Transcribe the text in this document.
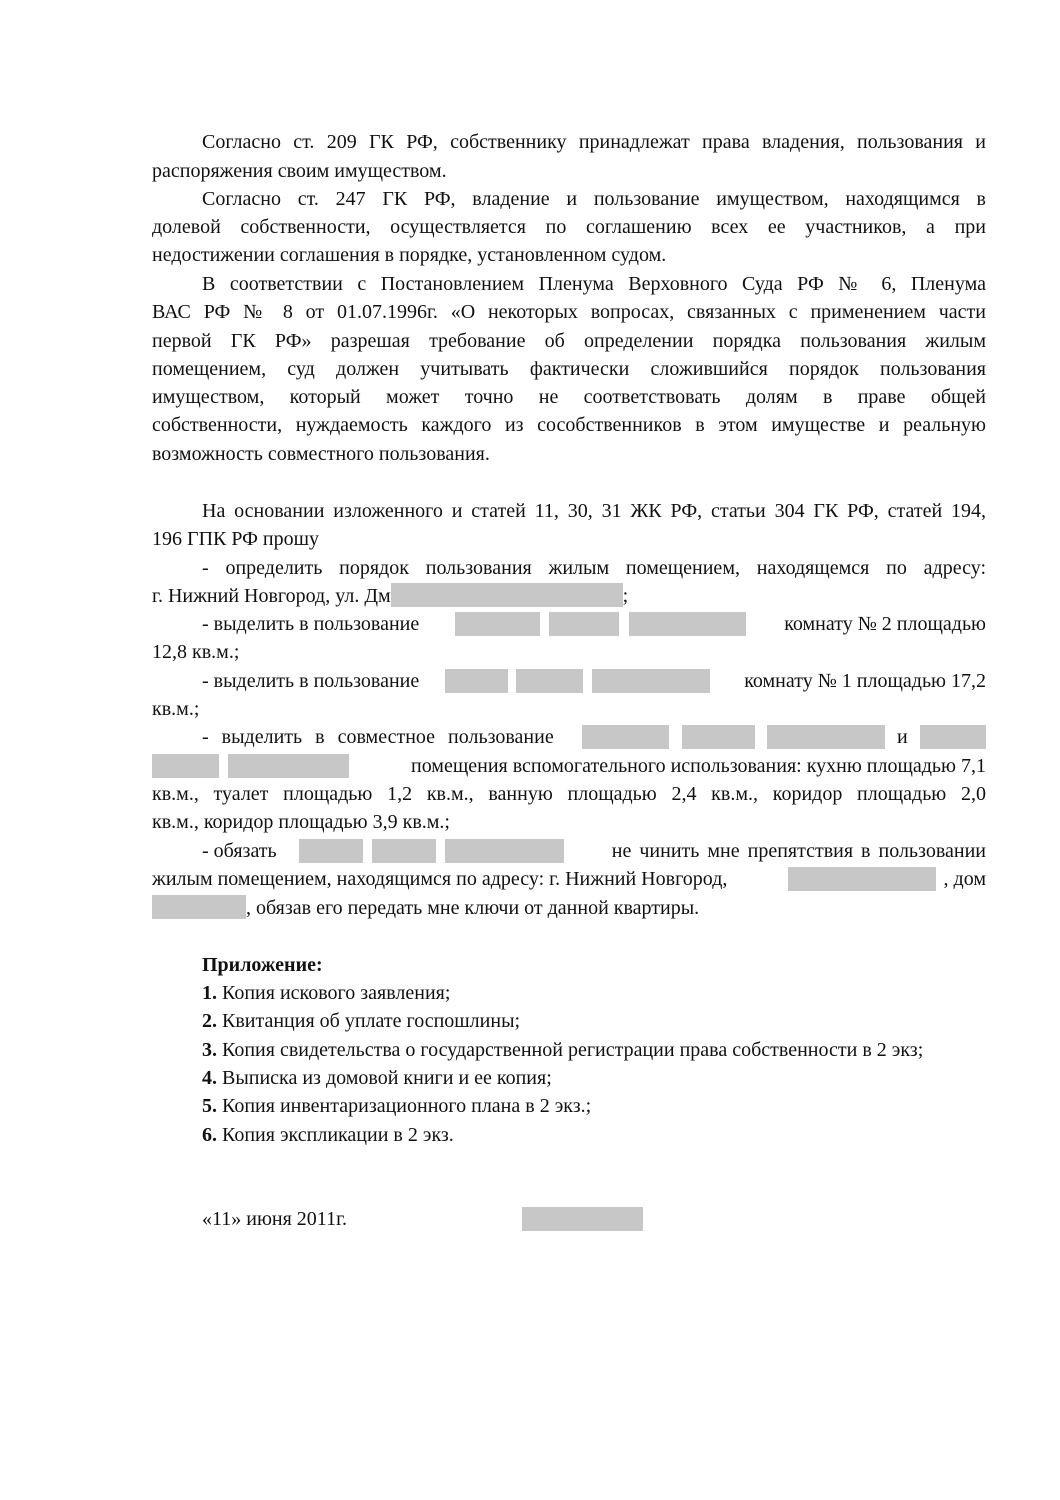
Согласно ст. 209 ГК РФ, собственнику принадлежат права владения, пользования и
распоряжения своим имуществом.
Согласно ст. 247 ГК РФ, владение и пользование имуществом, находящимся в
долевой собственности, осуществляется по соглашению всех ее участников, а при
недостижении соглашения в порядке, установленном судом.
В соответствии с Постановлением Пленума Верховного Суда РФ № 6, Пленума
ВАС РФ № 8 от 01.07.1996г. «О некоторых вопросах, связанных с применением части
первой ГК РФ» разрешая требование об определении порядка пользования жилым
помещением, суд должен учитывать фактически сложившийся порядок пользования
имуществом, который может точно не соответствовать долям в праве общей
собственности, нуждаемость каждого из сособственников в этом имуществе и реальную
возможность совместного пользования.
На основании изложенного и статей 11, 30, 31 ЖК РФ, статьи 304 ГК РФ, статей 194,
196 ГПК РФ прошу
- определить порядок пользования жилым помещением, находящемся по адресу:
г. Нижний Новгород, ул. Дм	;
- выделить в пользование	комнату № 2 площадью
12,8 кв.м.;
- выделить в пользование	комнату № 1 площадью 17,2
кв.м.;
- выделить в совместное пользование	и
помещения вспомогательного использования: кухню площадью 7,1
кв.м., туалет площадью 1,2 кв.м., ванную площадью 2,4 кв.м., коридор площадью 2,0
кв.м., коридор площадью 3,9 кв.м.;
- обязать	не чинить мне препятствия в пользовании
жилым помещением, находящимся по адресу: г. Нижний Новгород,	, дом
, обязав его передать мне ключи от данной квартиры.
Приложение:
1. Копия искового заявления;
2. Квитанция об уплате госпошлины;
3. Копия свидетельства о государственной регистрации права собственности в 2 экз;
4. Выписка из домовой книги и ее копия;
5. Копия инвентаризационного плана в 2 экз.;
6. Копия экспликации в 2 экз.
«11» июня 2011г.
